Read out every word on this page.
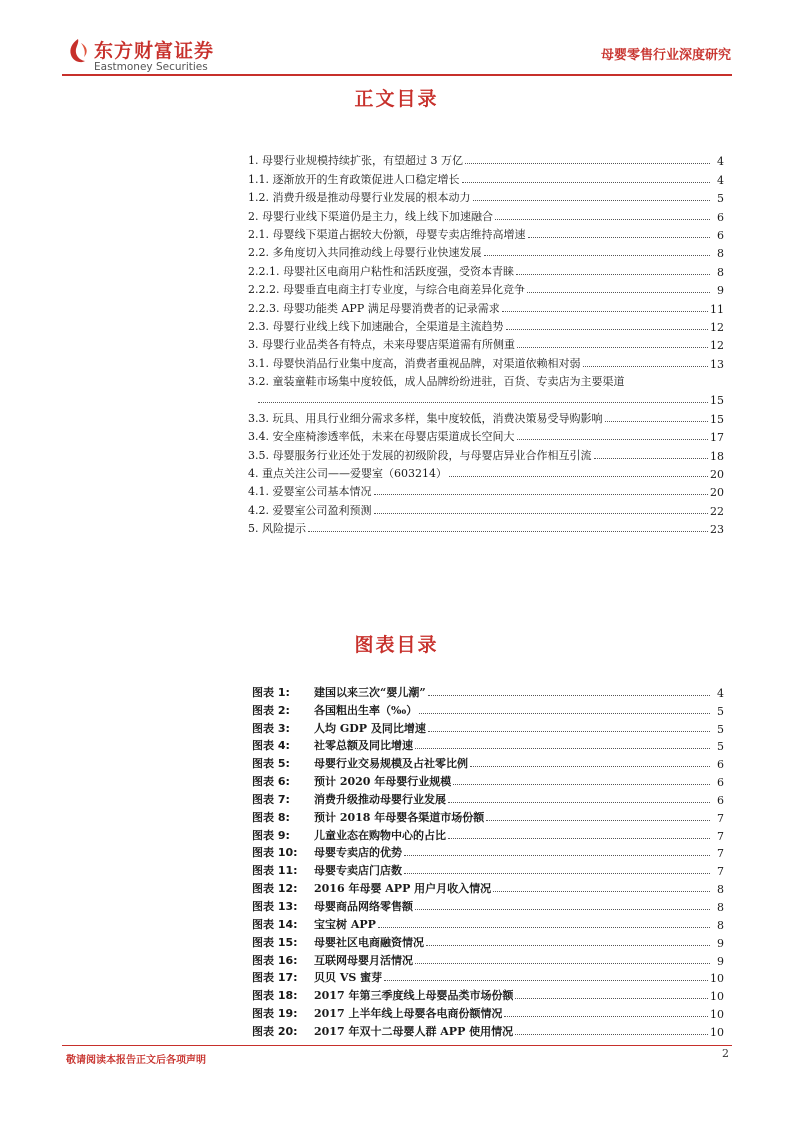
东方财富证券
Eastmoney Securities
母婴零售行业深度研究
正文目录
1. 母婴行业规模持续扩张，有望超过 3 万亿	4
1.1. 逐渐放开的生育政策促进人口稳定增长	4
1.2. 消费升级是推动母婴行业发展的根本动力	5
2. 母婴行业线下渠道仍是主力，线上线下加速融合	6
2.1. 母婴线下渠道占据较大份额，母婴专卖店维持高增速	6
2.2. 多角度切入共同推动线上母婴行业快速发展	8
2.2.1. 母婴社区电商用户粘性和活跃度强，受资本青睐	8
2.2.2. 母婴垂直电商主打专业度，与综合电商差异化竞争	9
2.2.3. 母婴功能类 APP 满足母婴消费者的记录需求	11
2.3. 母婴行业线上线下加速融合，全渠道是主流趋势	12
3. 母婴行业品类各有特点，未来母婴店渠道需有所侧重	12
3.1. 母婴快消品行业集中度高，消费者重视品牌，对渠道依赖相对弱	13
3.2. 童装童鞋市场集中度较低，成人品牌纷纷进驻，百货、专卖店为主要渠道
15
3.3. 玩具、用具行业细分需求多样，集中度较低，消费决策易受导购影响	15
3.4. 安全座椅渗透率低，未来在母婴店渠道成长空间大	17
3.5. 母婴服务行业还处于发展的初级阶段，与母婴店异业合作相互引流	18
4. 重点关注公司——爱婴室（603214）	20
4.1. 爱婴室公司基本情况	20
4.2. 爱婴室公司盈利预测	22
5. 风险提示	23
图表目录
图表 1:	建国以来三次“婴儿潮”	4
图表 2:	各国粗出生率（‰）	5
图表 3:	人均 GDP 及同比增速	5
图表 4:	社零总额及同比增速	5
图表 5:	母婴行业交易规模及占社零比例	6
图表 6:	预计 2020 年母婴行业规模	6
图表 7:	消费升级推动母婴行业发展	6
图表 8:	预计 2018 年母婴各渠道市场份额	7
图表 9:	儿童业态在购物中心的占比	7
图表 10:	母婴专卖店的优势	7
图表 11:	母婴专卖店门店数	7
图表 12:	2016 年母婴 APP 用户月收入情况	8
图表 13:	母婴商品网络零售额	8
图表 14:	宝宝树 APP	8
图表 15:	母婴社区电商融资情况	9
图表 16:	互联网母婴月活情况	9
图表 17:	贝贝 VS 蜜芽	10
图表 18:	2017 年第三季度线上母婴品类市场份额	10
图表 19:	2017 上半年线上母婴各电商份额情况	10
图表 20:	2017 年双十二母婴人群 APP 使用情况	10
敬请阅读本报告正文后各项声明
2
